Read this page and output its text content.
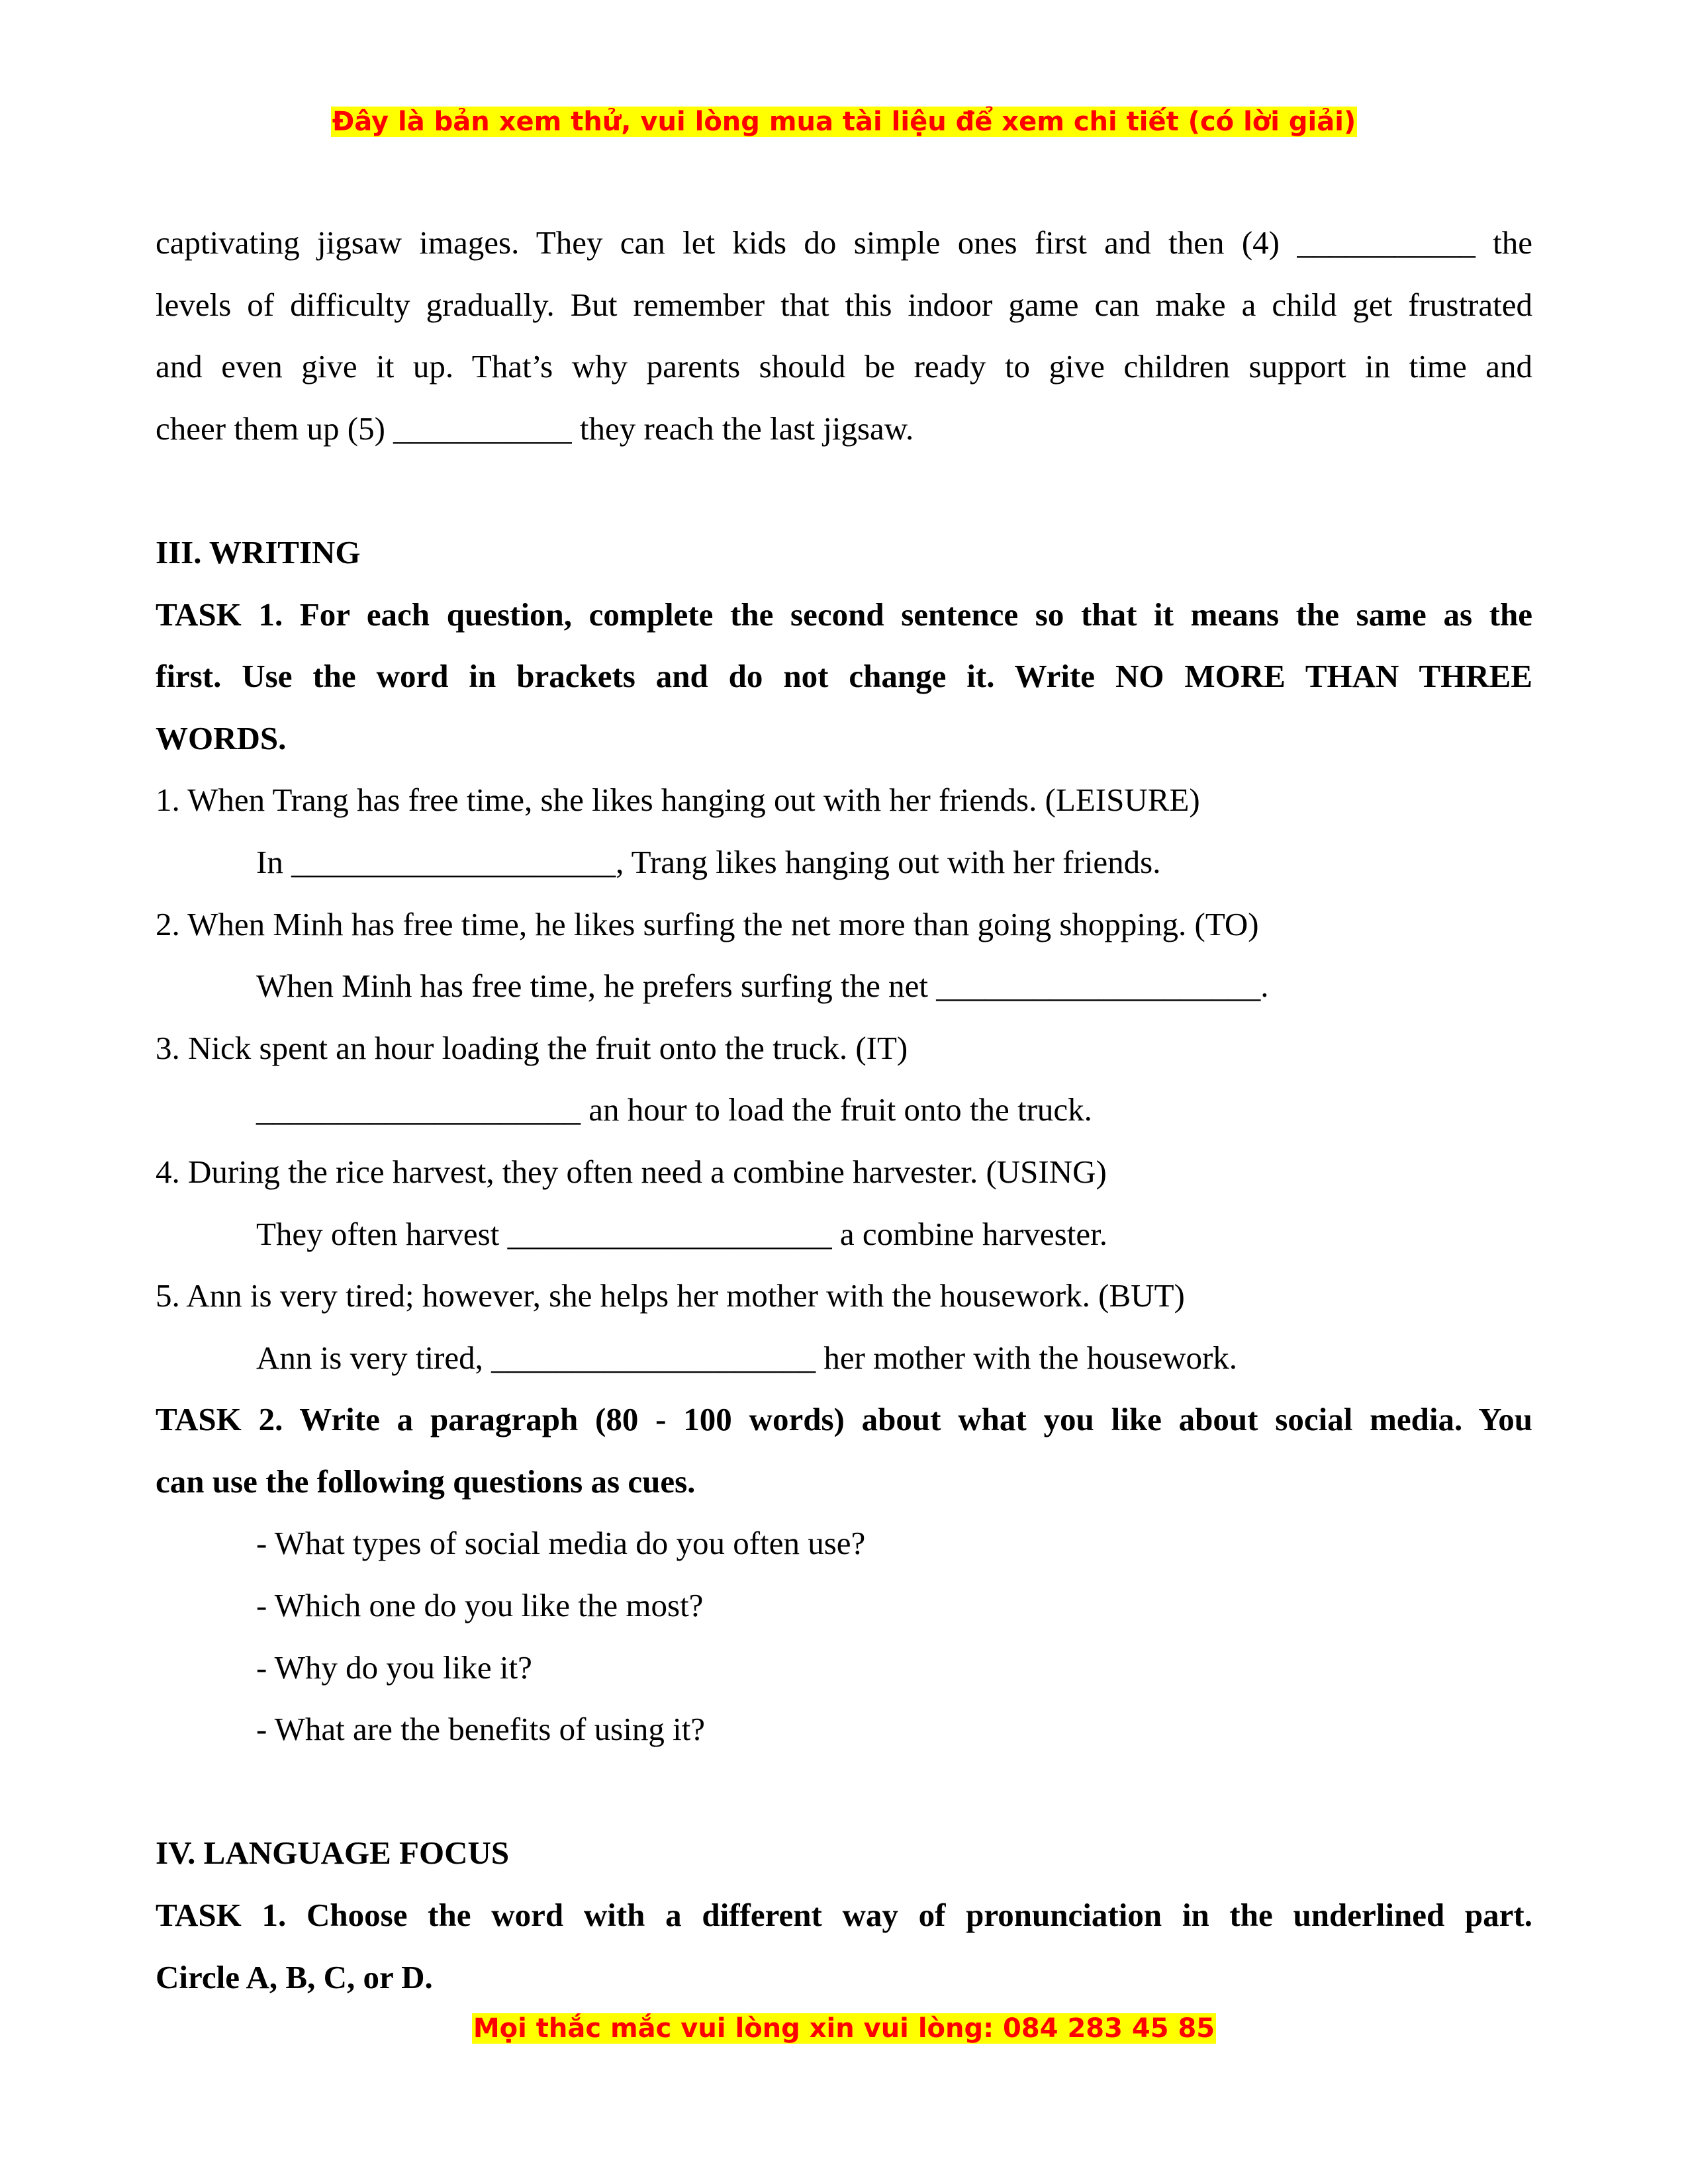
Đây là bản xem thử, vui lòng mua tài liệu để xem chi tiết (có lời giải)

captivating jigsaw images. They can let kids do simple ones first and then (4) ___________ the

levels of difficulty gradually. But remember that this indoor game can make a child get frustrated

and even give it up. That’s why parents should be ready to give children support in time and

cheer them up (5) ___________ they reach the last jigsaw.

III. WRITING

TASK 1. For each question, complete the second sentence so that it means the same as the

first. Use the word in brackets and do not change it. Write NO MORE THAN THREE

WORDS.

1. When Trang has free time, she likes hanging out with her friends. (LEISURE)

In ____________________, Trang likes hanging out with her friends.

2. When Minh has free time, he likes surfing the net more than going shopping. (TO)

When Minh has free time, he prefers surfing the net ____________________.

3. Nick spent an hour loading the fruit onto the truck. (IT)

____________________ an hour to load the fruit onto the truck.

4. During the rice harvest, they often need a combine harvester. (USING)

They often harvest ____________________ a combine harvester.

5. Ann is very tired; however, she helps her mother with the housework. (BUT)

Ann is very tired, ____________________ her mother with the housework.

TASK 2. Write a paragraph (80 - 100 words) about what you like about social media. You

can use the following questions as cues.

- What types of social media do you often use?

- Which one do you like the most?

- Why do you like it?

- What are the benefits of using it?

IV. LANGUAGE FOCUS

TASK 1. Choose the word with a different way of pronunciation in the underlined part.

Circle A, B, C, or D.

Mọi thắc mắc vui lòng xin vui lòng: 084 283 45 85
